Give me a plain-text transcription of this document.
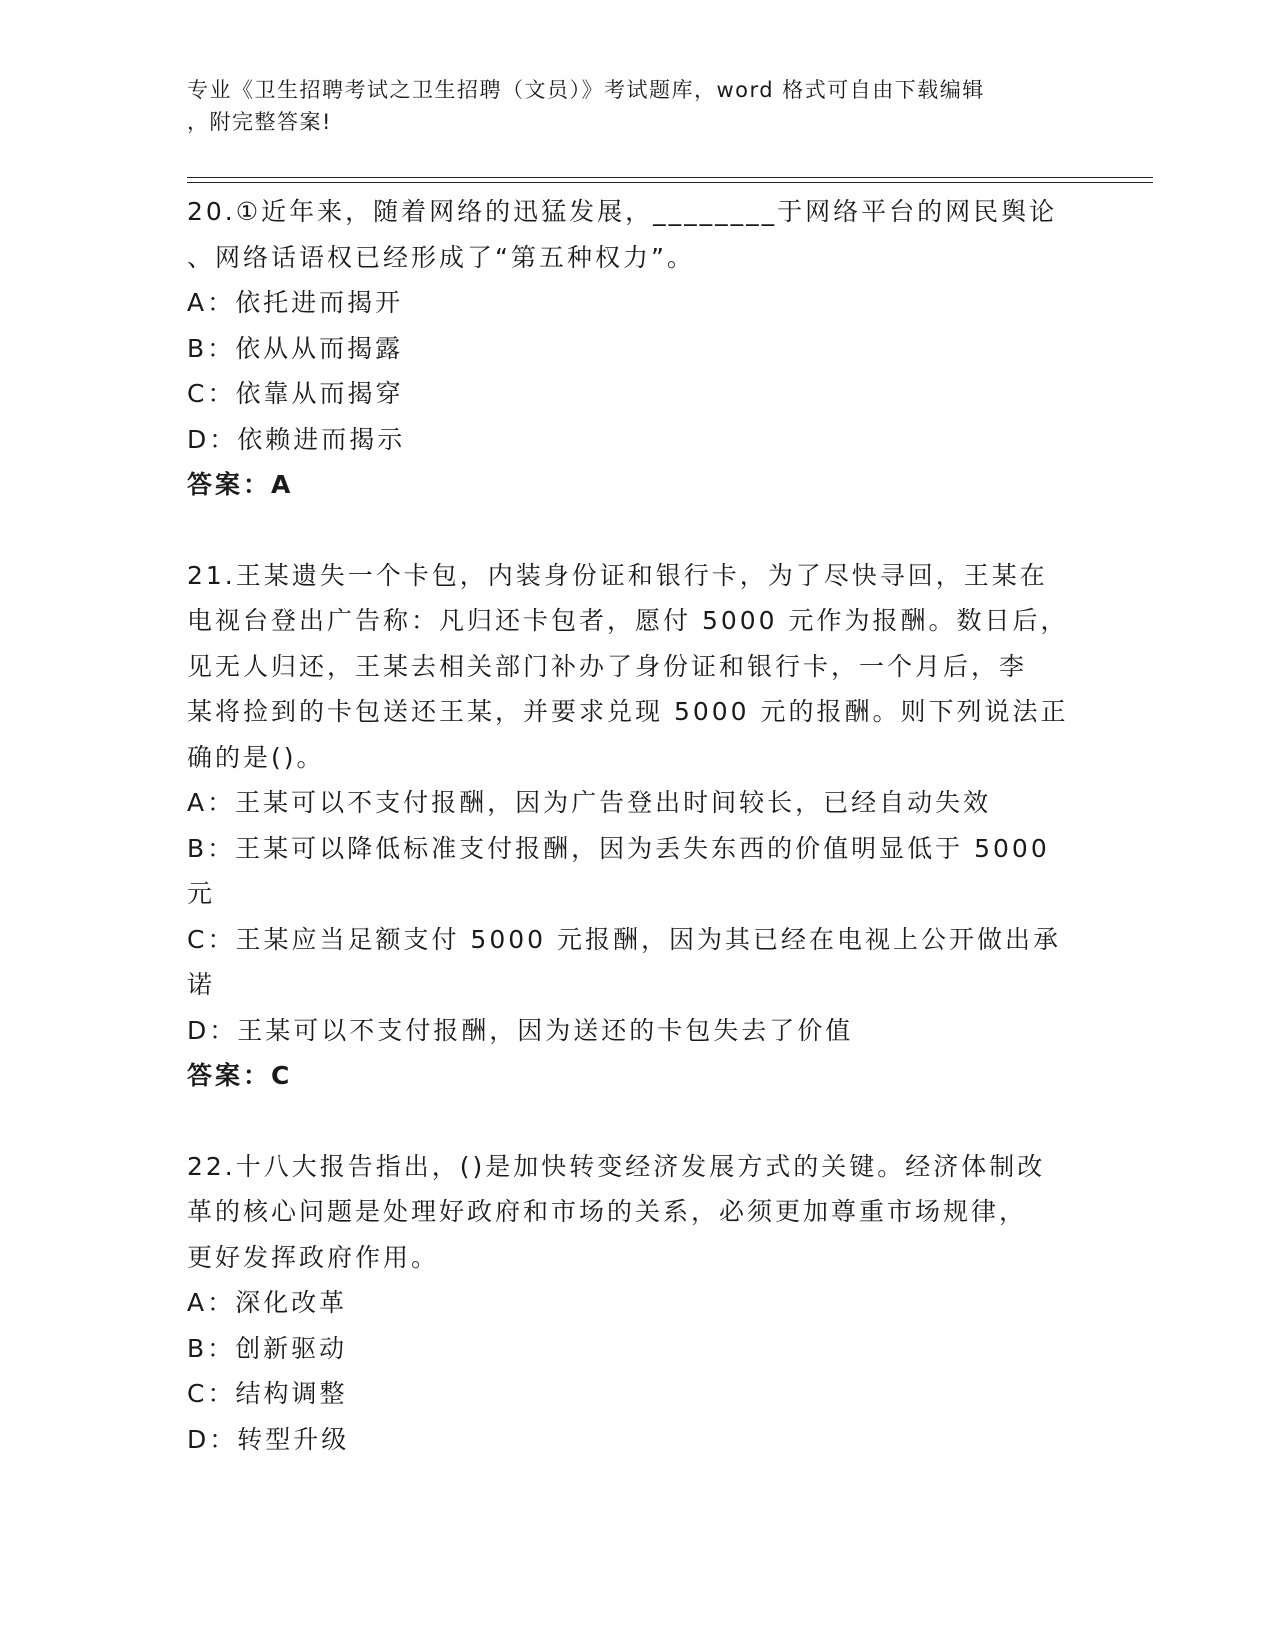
专业《卫生招聘考试之卫生招聘（文员）》考试题库，word 格式可自由下载编辑
，附完整答案!
20.①近年来，随着网络的迅猛发展，________于网络平台的网民舆论
、网络话语权已经形成了“第五种权力”。
A： 依托进而揭开
B： 依从从而揭露
C： 依靠从而揭穿
D： 依赖进而揭示
答案：A
21.王某遗失一个卡包，内装身份证和银行卡，为了尽快寻回，王某在
电视台登出广告称：凡归还卡包者，愿付 5000 元作为报酬。数日后，
见无人归还，王某去相关部门补办了身份证和银行卡，一个月后，李
某将捡到的卡包送还王某，并要求兑现 5000 元的报酬。则下列说法正
确的是()。
A： 王某可以不支付报酬，因为广告登出时间较长，已经自动失效
B： 王某可以降低标准支付报酬，因为丢失东西的价值明显低于 5000
元
C： 王某应当足额支付 5000 元报酬，因为其已经在电视上公开做出承
诺
D： 王某可以不支付报酬，因为送还的卡包失去了价值
答案：C
22.十八大报告指出，()是加快转变经济发展方式的关键。经济体制改
革的核心问题是处理好政府和市场的关系，必须更加尊重市场规律，
更好发挥政府作用。
A： 深化改革
B： 创新驱动
C： 结构调整
D： 转型升级
